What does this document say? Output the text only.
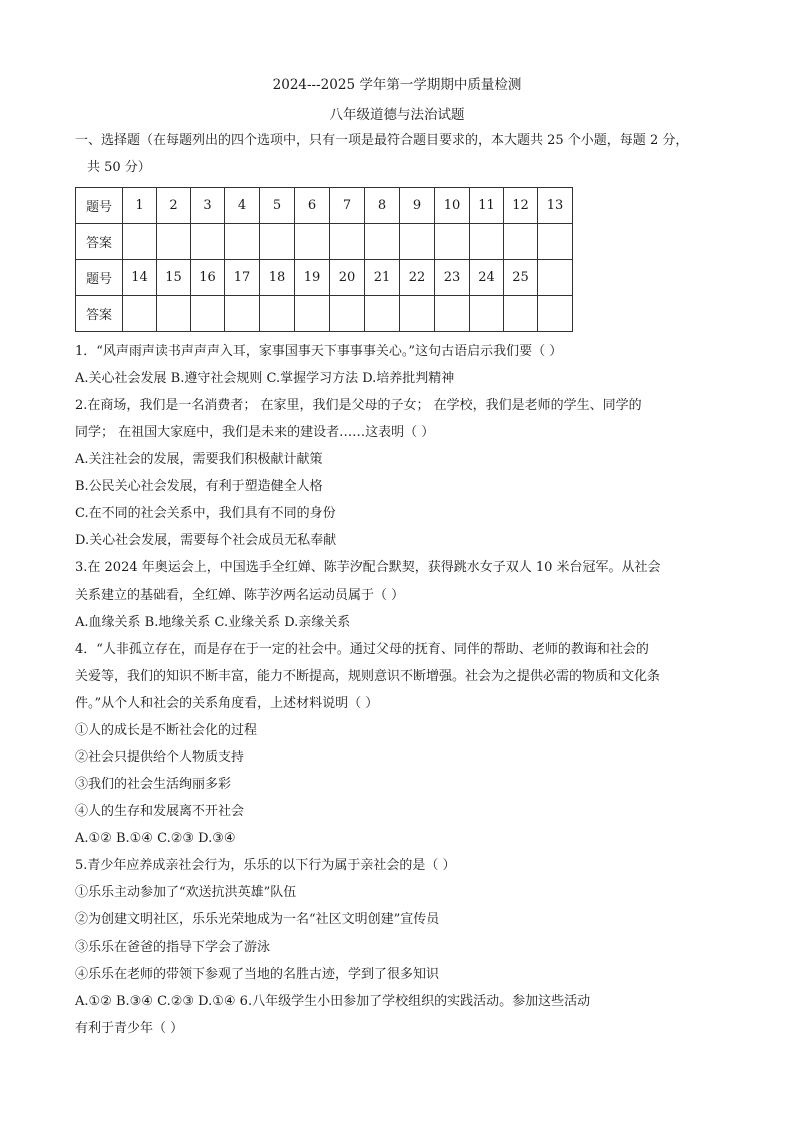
2024---2025 学年第一学期期中质量检测
八年级道德与法治试题
一、选择题（在每题列出的四个选项中，只有一项是最符合题目要求的，本大题共 25 个小题，每题 2 分，
共 50 分）
题号	1	2	3	4	5	6	7	8	9	10	11	12	13
答案													
题号	14	15	16	17	18	19	20	21	22	23	24	25	
答案													
1．“风声雨声读书声声声入耳，家事国事天下事事事关心。”这句古语启示我们要（ ）
A.关心社会发展 B.遵守社会规则 C.掌握学习方法 D.培养批判精神
2.在商场，我们是一名消费者； 在家里，我们是父母的子女； 在学校，我们是老师的学生、同学的
同学； 在祖国大家庭中，我们是未来的建设者……这表明（ ）
A.关注社会的发展，需要我们积极献计献策
B.公民关心社会发展，有利于塑造健全人格
C.在不同的社会关系中，我们具有不同的身份
D.关心社会发展，需要每个社会成员无私奉献
3.在 2024 年奥运会上，中国选手全红婵、陈芋汐配合默契，获得跳水女子双人 10 米台冠军。从社会
关系建立的基础看，全红婵、陈芋汐两名运动员属于（ ）
A.血缘关系 B.地缘关系 C.业缘关系 D.亲缘关系
4．“人非孤立存在，而是存在于一定的社会中。通过父母的抚育、同伴的帮助、老师的教诲和社会的
关爱等，我们的知识不断丰富，能力不断提高，规则意识不断增强。社会为之提供必需的物质和文化条
件。”从个人和社会的关系角度看，上述材料说明（ ）
①人的成长是不断社会化的过程
②社会只提供给个人物质支持
③我们的社会生活绚丽多彩
④人的生存和发展离不开社会
A.①② B.①④ C.②③ D.③④
5.青少年应养成亲社会行为，乐乐的以下行为属于亲社会的是（ ）
①乐乐主动参加了“欢送抗洪英雄”队伍
②为创建文明社区，乐乐光荣地成为一名“社区文明创建”宣传员
③乐乐在爸爸的指导下学会了游泳
④乐乐在老师的带领下参观了当地的名胜古迹，学到了很多知识
A.①② B.③④ C.②③ D.①④ 6.八年级学生小田参加了学校组织的实践活动。参加这些活动
有利于青少年（ ）
